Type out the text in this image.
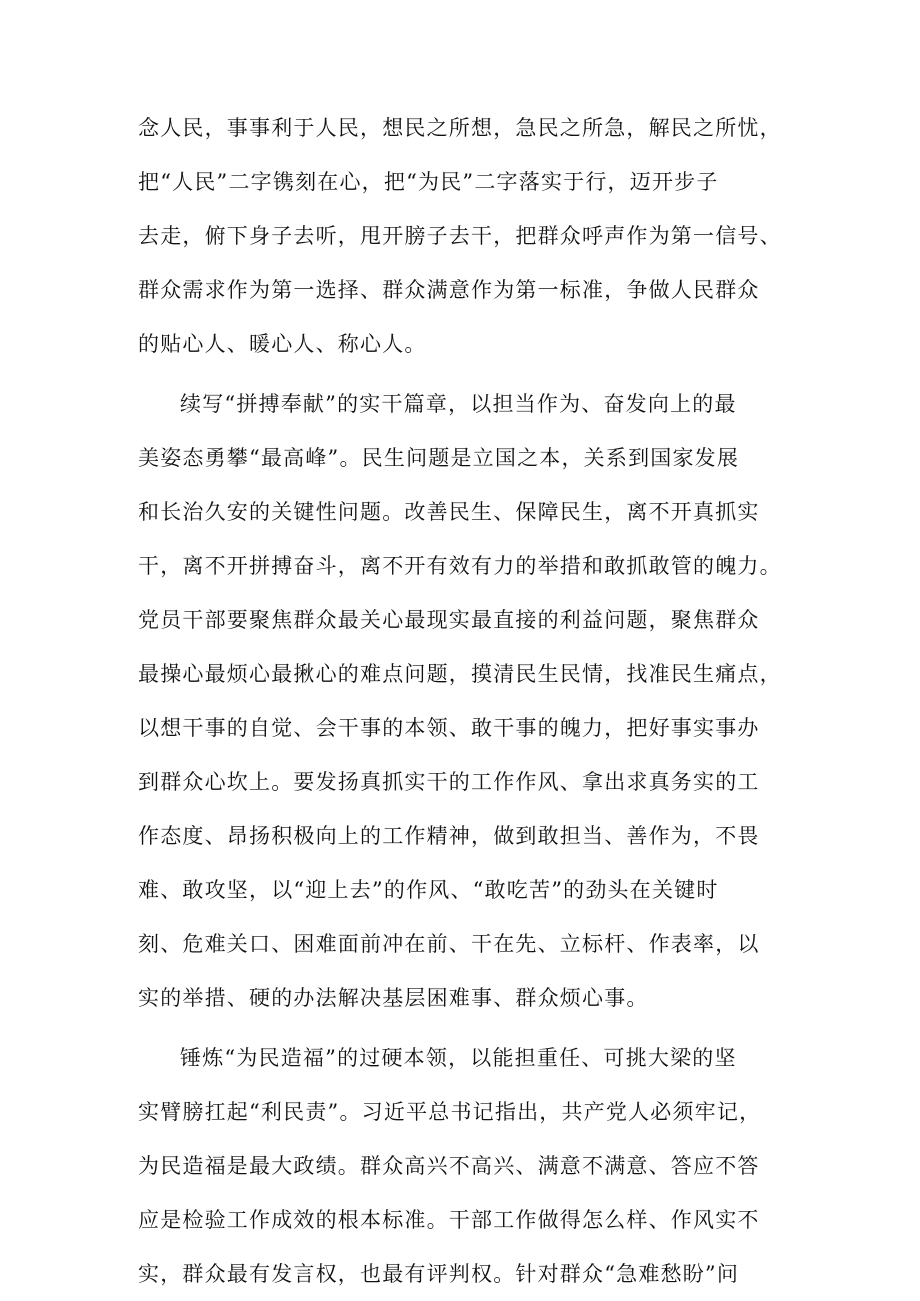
念人民，事事利于人民，想民之所想，急民之所急，解民之所忧，
把“人民”二字镌刻在心，把“为民”二字落实于行，迈开步子
去走，俯下身子去听，甩开膀子去干，把群众呼声作为第一信号、
群众需求作为第一选择、群众满意作为第一标准，争做人民群众
的贴心人、暖心人、称心人。
续写“拼搏奉献”的实干篇章，以担当作为、奋发向上的最
美姿态勇攀“最高峰”。民生问题是立国之本，关系到国家发展
和长治久安的关键性问题。改善民生、保障民生，离不开真抓实
干，离不开拼搏奋斗，离不开有效有力的举措和敢抓敢管的魄力。
党员干部要聚焦群众最关心最现实最直接的利益问题，聚焦群众
最操心最烦心最揪心的难点问题，摸清民生民情，找准民生痛点，
以想干事的自觉、会干事的本领、敢干事的魄力，把好事实事办
到群众心坎上。要发扬真抓实干的工作作风、拿出求真务实的工
作态度、昂扬积极向上的工作精神，做到敢担当、善作为，不畏
难、敢攻坚，以“迎上去”的作风、“敢吃苦”的劲头在关键时
刻、危难关口、困难面前冲在前、干在先、立标杆、作表率，以
实的举措、硬的办法解决基层困难事、群众烦心事。
锤炼“为民造福”的过硬本领，以能担重任、可挑大梁的坚
实臂膀扛起“利民责”。习近平总书记指出，共产党人必须牢记，
为民造福是最大政绩。群众高兴不高兴、满意不满意、答应不答
应是检验工作成效的根本标准。干部工作做得怎么样、作风实不
实，群众最有发言权，也最有评判权。针对群众“急难愁盼”问
